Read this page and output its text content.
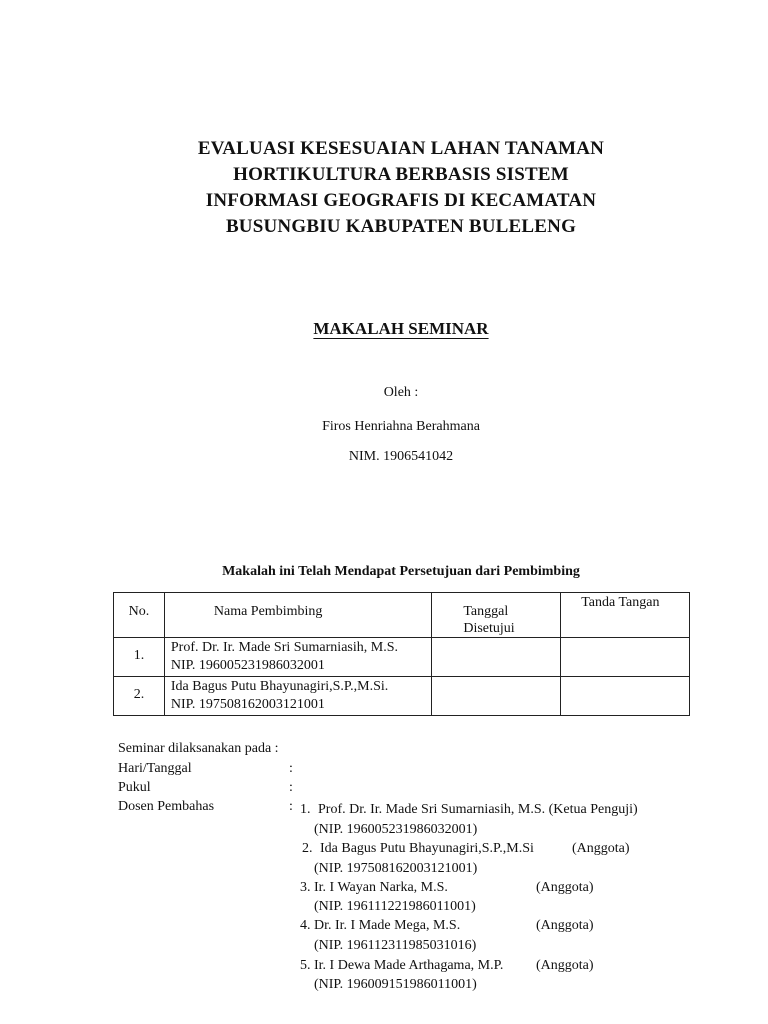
EVALUASI KESESUAIAN LAHAN TANAMAN
HORTIKULTURA BERBASIS SISTEM
INFORMASI GEOGRAFIS DI KECAMATAN
BUSUNGBIU KABUPATEN BULELENG
MAKALAH SEMINAR
Oleh :
Firos Henriahna Berahmana
NIM. 1906541042
Makalah ini Telah Mendapat Persetujuan dari Pembimbing
No.	Nama Pembimbing	Tanggal Disetujui	Tanda Tangan

1.	Prof. Dr. Ir. Made Sri Sumarniasih, M.S.
NIP. 196005231986032001		

2.	Ida Bagus Putu Bhayunagiri,S.P.,M.Si.
NIP. 197508162003121001		

Seminar dilaksanakan pada :
Hari/Tanggal	:
Pukul	:
Dosen Pembahas	: 1. Prof. Dr. Ir. Made Sri Sumarniasih, M.S. (Ketua Penguji)
(NIP. 196005231986032001)
2. Ida Bagus Putu Bhayunagiri,S.P.,M.Si	(Anggota)
(NIP. 197508162003121001)
3. Ir. I Wayan Narka, M.S.	(Anggota)
(NIP. 196111221986011001)
4. Dr. Ir. I Made Mega, M.S.	(Anggota)
(NIP. 196112311985031016)
5. Ir. I Dewa Made Arthagama, M.P. (Anggota)
(NIP. 196009151986011001)
